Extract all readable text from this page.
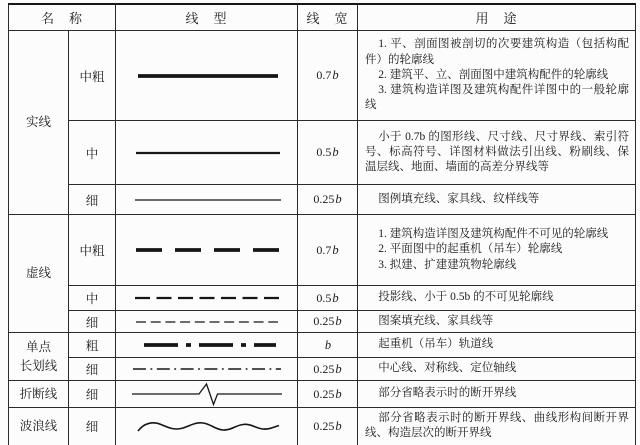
名　称		线　型	线　宽	用　途
实线	中粗		0.7b	1. 平、剖面图被剖切的次要建筑构造（包括构配件）的轮廓线

2. 建筑平、立、剖面图中建筑构配件的轮廓线

3. 建筑构造详图及建筑构配件详图中的一般轮廓线

	中		0.5b	小于 0.7b 的图形线、尺寸线、尺寸界线、索引符号、标高符号、详图材料做法引出线、粉刷线、保温层线、地面、墙面的高差分界线等

	细		0.25b	图例填充线、家具线、纹样线等

虚线	中粗		0.7b	1. 建筑构造详图及建筑构配件不可见的轮廓线

2. 平面图中的起重机（吊车）轮廓线

3. 拟建、扩建建筑物轮廓线

	中		0.5b	投影线、小于 0.5b 的不可见轮廓线

	细		0.25b	图案填充线、家具线等

单点
长划线	粗		b	起重机（吊车）轨道线

	细		0.25b	中心线、对称线、定位轴线

折断线	细		0.25b	部分省略表示时的断开界线

波浪线	细		0.25b	部分省略表示时的断开界线、曲线形构间断开界线、构造层次的断开界线
